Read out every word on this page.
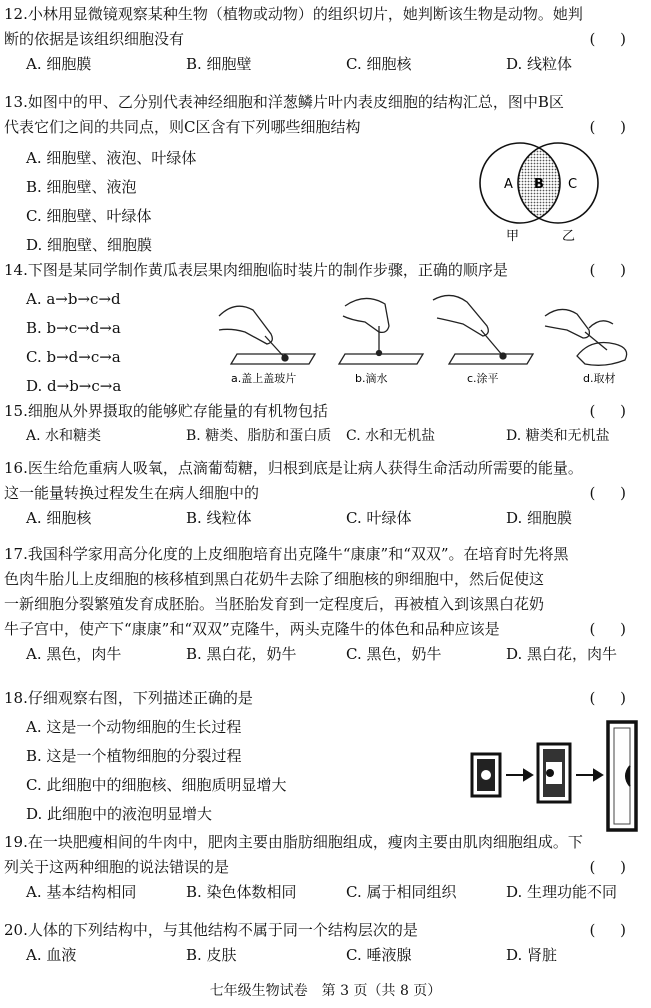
12.小林用显微镜观察某种生物（植物或动物）的组织切片，她判断该生物是动物。她判
断的依据是该组织细胞没有	( )
A. 细胞膜	B. 细胞壁	C. 细胞核	D. 线粒体
13.如图中的甲、乙分别代表神经细胞和洋葱鳞片叶内表皮细胞的结构汇总，图中B区
代表它们之间的共同点，则C区含有下列哪些细胞结构	( )
A. 细胞壁、液泡、叶绿体
B. 细胞壁、液泡
C. 细胞壁、叶绿体
D. 细胞壁、细胞膜
A B C
甲	乙
14.下图是某同学制作黄瓜表层果肉细胞临时装片的制作步骤，正确的顺序是	( )
A. a→b→c→d
B. b→c→d→a
C. b→d→c→a
D. d→b→c→a	a.盖上盖玻片	b.滴水	c.涂平	d.取材
15.细胞从外界摄取的能够贮存能量的有机物包括	( )
A. 水和糖类	B. 糖类、脂肪和蛋白质	C. 水和无机盐	D. 糖类和无机盐
16.医生给危重病人吸氧，点滴葡萄糖，归根到底是让病人获得生命活动所需要的能量。
这一能量转换过程发生在病人细胞中的	( )
A. 细胞核	B. 线粒体	C. 叶绿体	D. 细胞膜
17.我国科学家用高分化度的上皮细胞培育出克隆牛“康康”和“双双”。在培育时先将黑
色肉牛胎儿上皮细胞的核移植到黑白花奶牛去除了细胞核的卵细胞中，然后促使这
一新细胞分裂繁殖发育成胚胎。当胚胎发育到一定程度后，再被植入到该黑白花奶
牛子宫中，使产下“康康”和“双双”克隆牛，两头克隆牛的体色和品种应该是	( )
A. 黑色，肉牛	B. 黑白花，奶牛	C. 黑色，奶牛	D. 黑白花，肉牛
18.仔细观察右图，下列描述正确的是	( )
A. 这是一个动物细胞的生长过程
B. 这是一个植物细胞的分裂过程
C. 此细胞中的细胞核、细胞质明显增大
D. 此细胞中的液泡明显增大
19.在一块肥瘦相间的牛肉中，肥肉主要由脂肪细胞组成，瘦肉主要由肌肉细胞组成。下
列关于这两种细胞的说法错误的是	( )
A. 基本结构相同	B. 染色体数相同	C. 属于相同组织	D. 生理功能不同
20.人体的下列结构中，与其他结构不属于同一个结构层次的是	( )
A. 血液	B. 皮肤	C. 唾液腺	D. 肾脏
七年级生物试卷　第 3 页（共 8 页）
